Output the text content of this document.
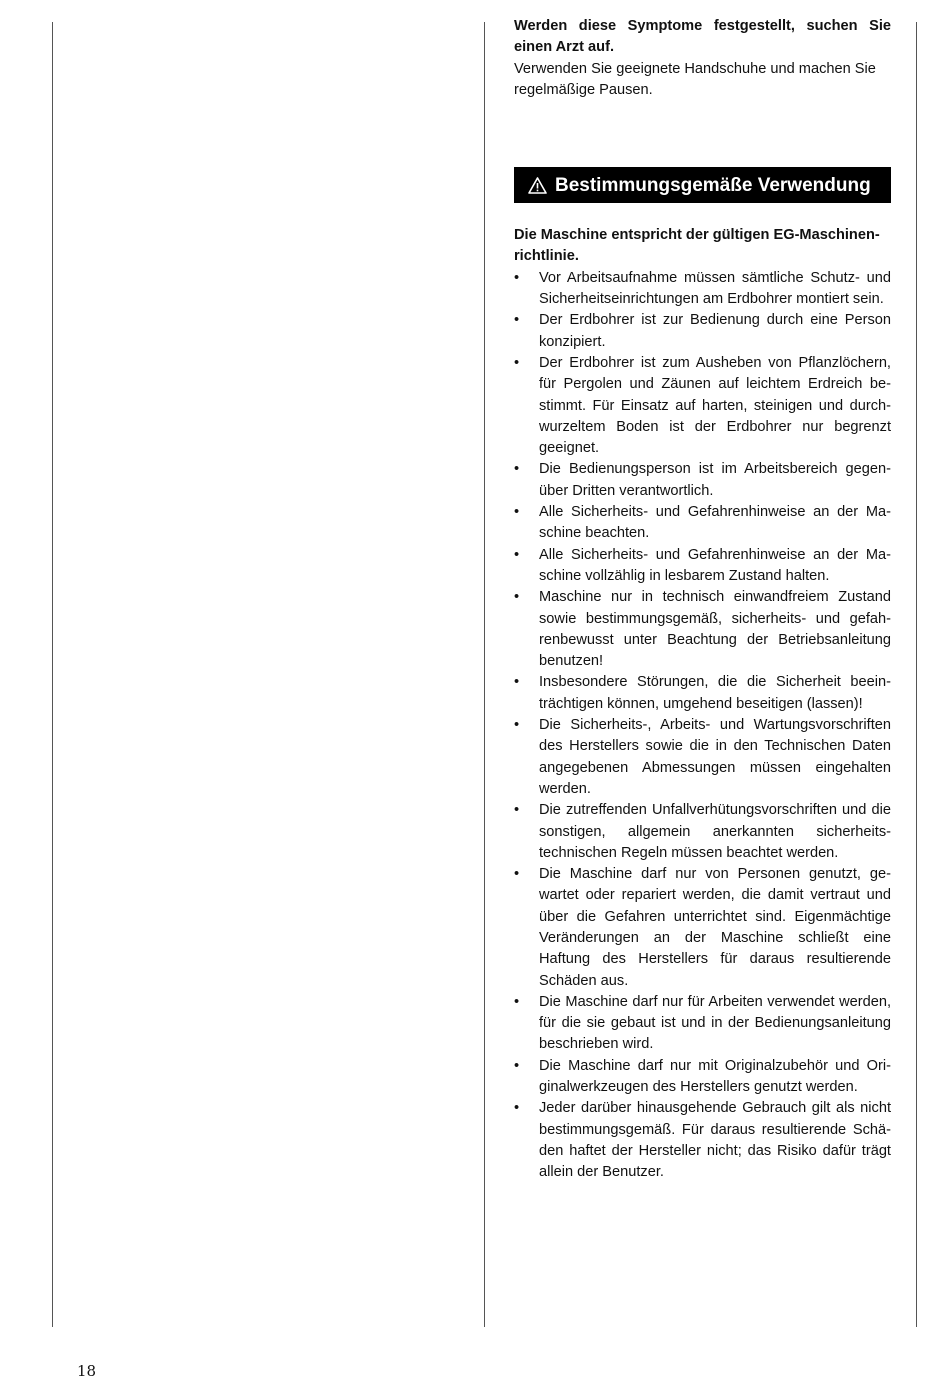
Werden diese Symptome festgestellt, suchen Sie einen Arzt auf.

Verwenden Sie geeignete Handschuhe und machen Sie regelmäßige Pausen.

Bestimmungsgemäße Verwendung

Die Maschine entspricht der gültigen EG-Maschinenrichtlinie.

• Vor Arbeitsaufnahme müssen sämtliche Schutz- und Sicherheitseinrichtungen am Erdbohrer montiert sein.
• Der Erdbohrer ist zur Bedienung durch eine Person konzipiert.
• Der Erdbohrer ist zum Ausheben von Pflanzlöchern, für Pergolen und Zäunen auf leichtem Erdreich bestimmt. Für Einsatz auf harten, steinigen und durchwurzeltem Boden ist der Erdbohrer nur begrenzt geeignet.
• Die Bedienungsperson ist im Arbeitsbereich gegenüber Dritten verantwortlich.
• Alle Sicherheits- und Gefahrenhinweise an der Maschine beachten.
• Alle Sicherheits- und Gefahrenhinweise an der Maschine vollzählig in lesbarem Zustand halten.
• Maschine nur in technisch einwandfreiem Zustand sowie bestimmungsgemäß, sicherheits- und gefahrenbewusst unter Beachtung der Betriebsanleitung benutzen!
• Insbesondere Störungen, die die Sicherheit beeinträchtigen können, umgehend beseitigen (lassen)!
• Die Sicherheits-, Arbeits- und Wartungsvorschriften des Herstellers sowie die in den Technischen Daten angegebenen Abmessungen müssen eingehalten werden.
• Die zutreffenden Unfallverhütungsvorschriften und die sonstigen, allgemein anerkannten sicherheitstechnischen Regeln müssen beachtet werden.
• Die Maschine darf nur von Personen genutzt, gewartet oder repariert werden, die damit vertraut und über die Gefahren unterrichtet sind. Eigenmächtige Veränderungen an der Maschine schließt eine Haftung des Herstellers für daraus resultierende Schäden aus.
• Die Maschine darf nur für Arbeiten verwendet werden, für die sie gebaut ist und in der Bedienungsanleitung beschrieben wird.
• Die Maschine darf nur mit Originalzubehör und Originalwerkzeugen des Herstellers genutzt werden.
• Jeder darüber hinausgehende Gebrauch gilt als nicht bestimmungsgemäß. Für daraus resultierende Schäden haftet der Hersteller nicht; das Risiko dafür trägt allein der Benutzer.
18
